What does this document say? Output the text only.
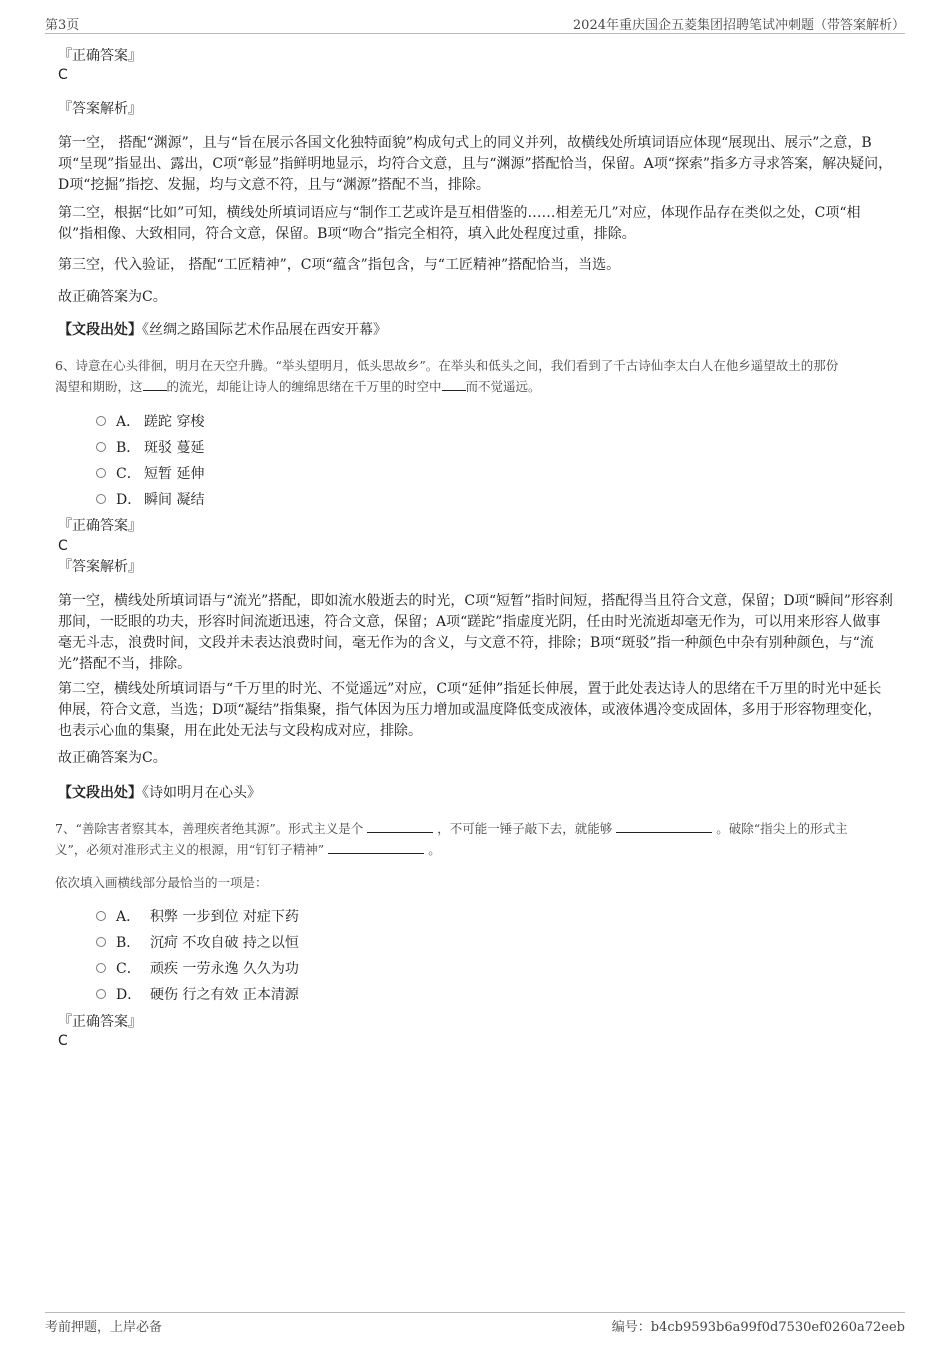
第3页	2024年重庆国企五菱集团招聘笔试冲刺题（带答案解析）
『正确答案』
C
『答案解析』
第一空， 搭配“渊源”，且与“旨在展示各国文化独特面貌”构成句式上的同义并列，故横线处所填词语应体现“展现出、展示”之意，B项“呈现”指显出、露出，C项“彰显”指鲜明地显示，均符合文意，且与“渊源”搭配恰当，保留。A项“探索”指多方寻求答案，解决疑问，D项“挖掘”指挖、发掘，均与文意不符，且与“渊源”搭配不当，排除。
第二空，根据“比如”可知，横线处所填词语应与“制作工艺或许是互相借鉴的……相差无几”对应，体现作品存在类似之处，C项“相似”指相像、大致相同，符合文意，保留。B项“吻合”指完全相符，填入此处程度过重，排除。
第三空，代入验证， 搭配“工匠精神”，C项“蕴含”指包含，与“工匠精神”搭配恰当，当选。
故正确答案为C。
【文段出处】《丝绸之路国际艺术作品展在西安开幕》
6、诗意在心头徘徊，明月在天空升腾。“举头望明月，低头思故乡”。在举头和低头之间，我们看到了千古诗仙李太白人在他乡遥望故土的那份
渴望和期盼，这 的流光，却能让诗人的缠绵思绪在千万里的时空中 而不觉遥远。
A． 蹉跎 穿梭
B． 斑驳 蔓延
C． 短暂 延伸
D． 瞬间 凝结
『正确答案』
C
『答案解析』
第一空，横线处所填词语与“流光”搭配，即如流水般逝去的时光，C项“短暂”指时间短，搭配得当且符合文意，保留；D项“瞬间”形容刹那间，一眨眼的功夫，形容时间流逝迅速，符合文意，保留；A项“蹉跎”指虚度光阴，任由时光流逝却毫无作为，可以用来形容人做事毫无斗志，浪费时间，文段并未表达浪费时间，毫无作为的含义，与文意不符，排除；B项“斑驳”指一种颜色中杂有别种颜色，与“流光”搭配不当，排除。
第二空，横线处所填词语与“千万里的时光、不觉遥远”对应，C项“延伸”指延长伸展，置于此处表达诗人的思绪在千万里的时光中延长伸展，符合文意，当选；D项“凝结”指集聚，指气体因为压力增加或温度降低变成液体，或液体遇冷变成固体，多用于形容物理变化，也表示心血的集聚，用在此处无法与文段构成对应，排除。
故正确答案为C。
【文段出处】《诗如明月在心头》
7、“善除害者察其本，善理疾者绝其源”。形式主义是个	，不可能一锤子敲下去，就能够	。破除“指尖上的形式主
义”，必须对准形式主义的根源，用“钉钉子精神”	。
依次填入画横线部分最恰当的一项是：
A． 积弊 一步到位 对症下药
B． 沉疴 不攻自破 持之以恒
C． 顽疾 一劳永逸 久久为功
D． 硬伤 行之有效 正本清源
『正确答案』
C
考前押题，上岸必备	编号：b4cb9593b6a99f0d7530ef0260a72eeb
